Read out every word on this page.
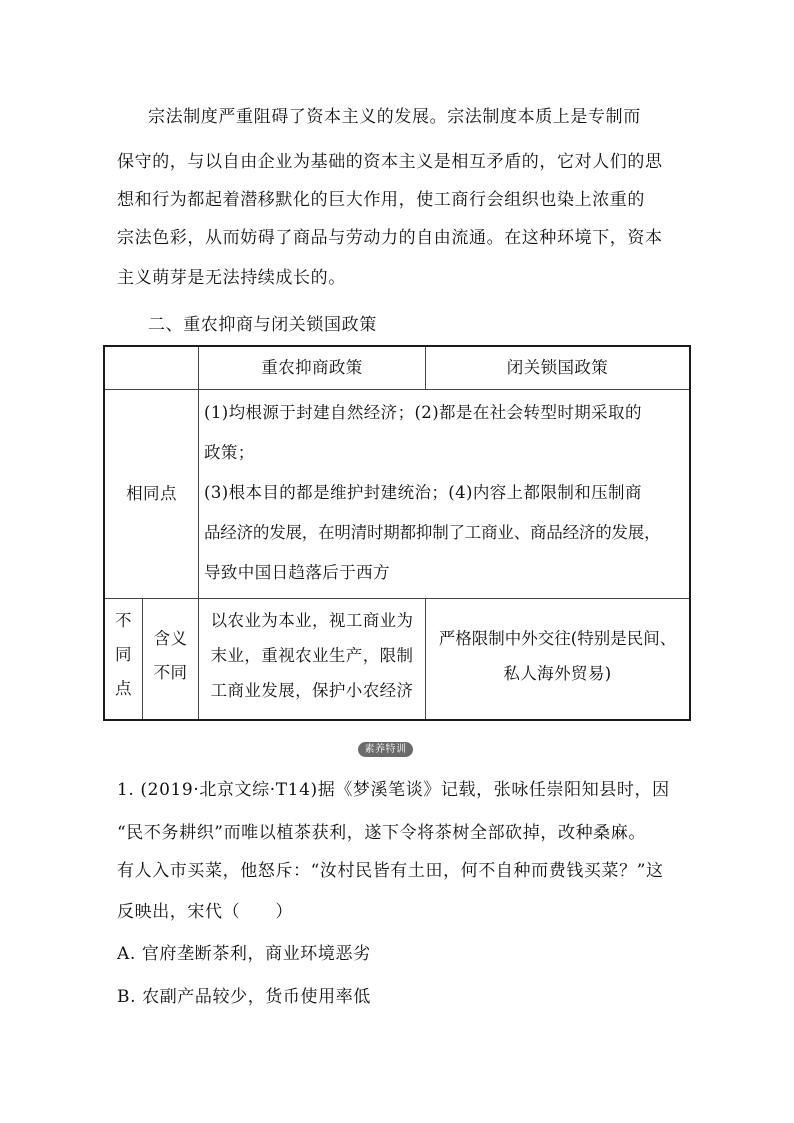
宗法制度严重阻碍了资本主义的发展。宗法制度本质上是专制而
保守的，与以自由企业为基础的资本主义是相互矛盾的，它对人们的思
想和行为都起着潜移默化的巨大作用，使工商行会组织也染上浓重的
宗法色彩，从而妨碍了商品与劳动力的自由流通。在这种环境下，资本
主义萌芽是无法持续成长的。
二、重农抑商与闭关锁国政策
重农抑商政策	闭关锁国政策
相同点
(1)均根源于封建自然经济；(2)都是在社会转型时期采取的
政策；
(3)根本目的都是维护封建统治；(4)内容上都限制和压制商
品经济的发展，在明清时期都抑制了工商业、商品经济的发展，
导致中国日趋落后于西方
不
同
点
含义
不同
以农业为本业，视工商业为
末业，重视农业生产，限制
工商业发展，保护小农经济
严格限制中外交往(特别是民间、
私人海外贸易)
素养特训
1. (2019·北京文综·T14)据《梦溪笔谈》记载，张咏任崇阳知县时，因
“民不务耕织”而唯以植茶获利，遂下令将茶树全部砍掉，改种桑麻。
有人入市买菜，他怒斥：“汝村民皆有土田，何不自种而费钱买菜？”这
反映出，宋代（　　）
A. 官府垄断茶利，商业环境恶劣
B. 农副产品较少，货币使用率低
